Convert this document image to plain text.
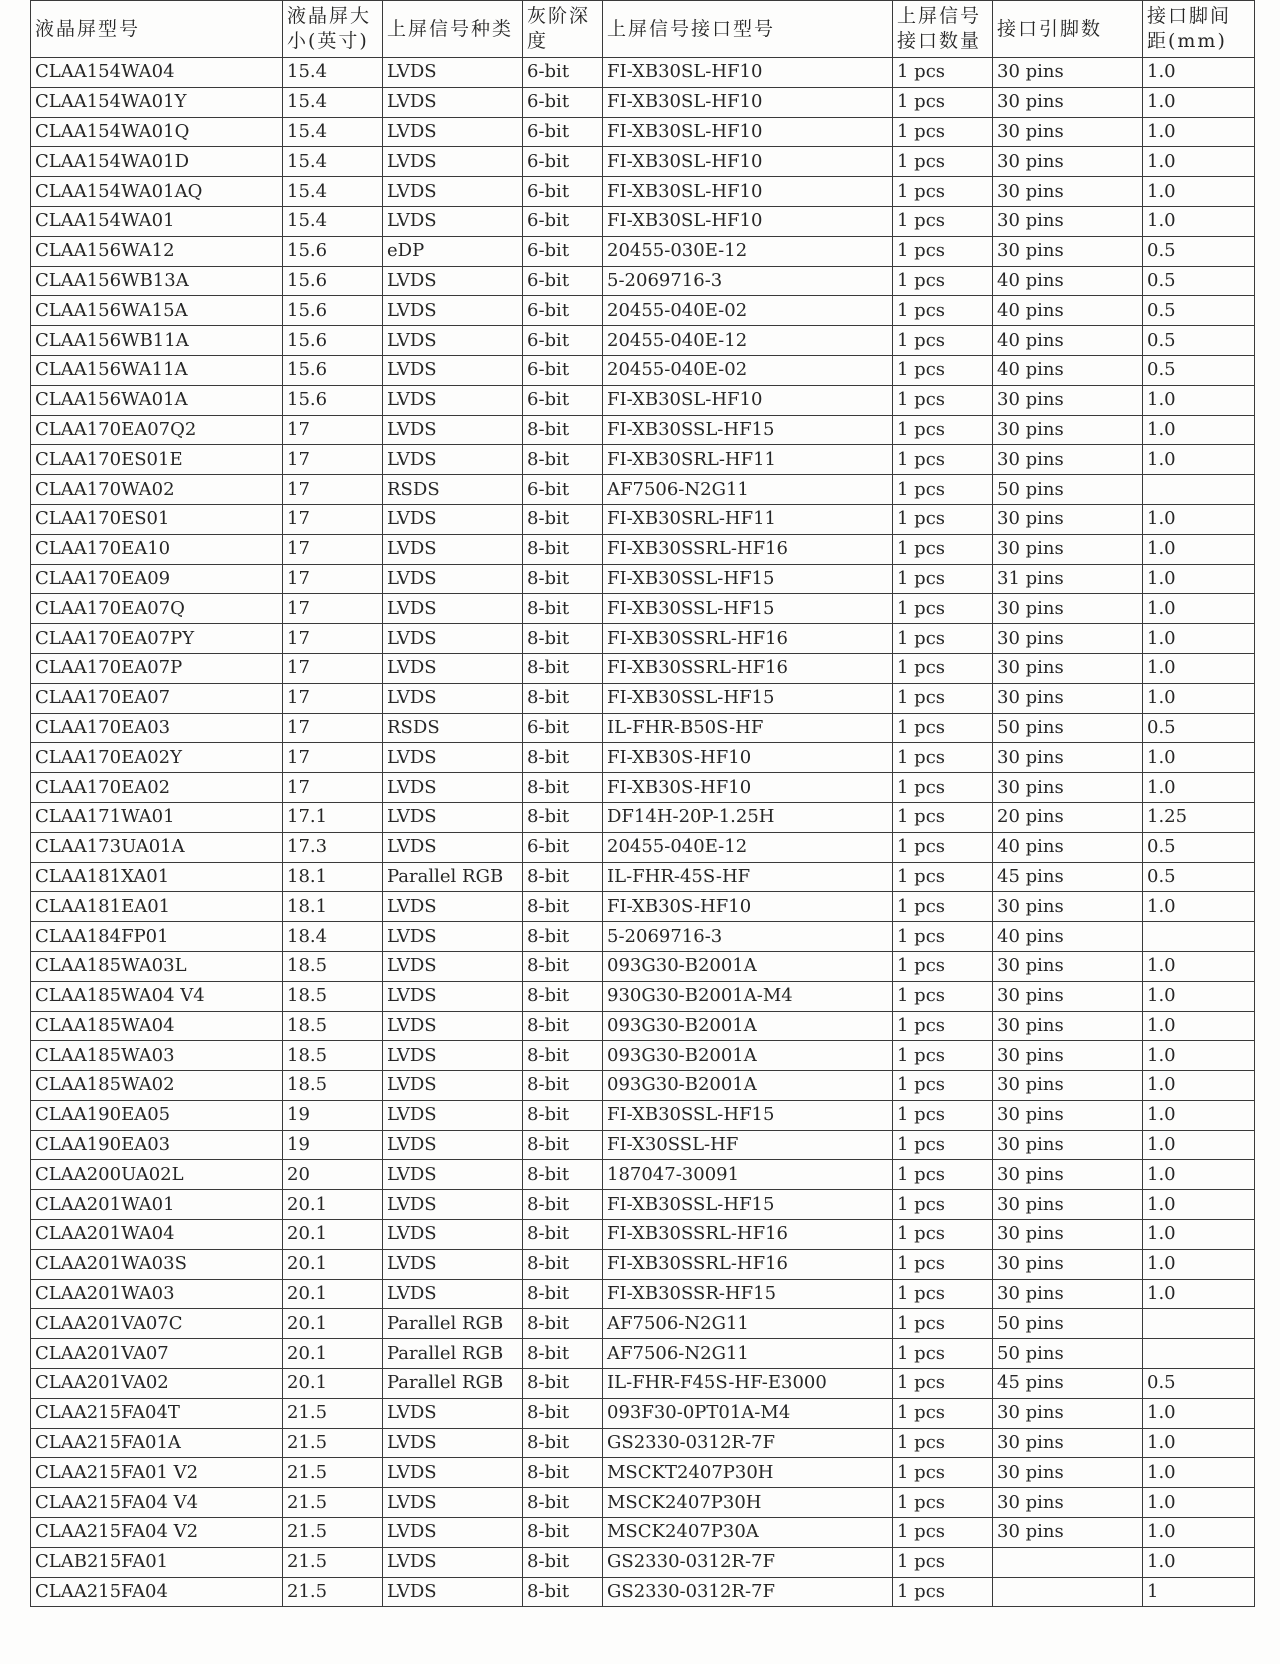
液晶屏型号	液晶屏大小(英寸)	上屏信号种类	灰阶深度	上屏信号接口型号	上屏信号接口数量	接口引脚数	接口脚间距(mm)
CLAA154WA04	15.4	LVDS	6-bit	FI-XB30SL-HF10	1 pcs	30 pins	1.0
CLAA154WA01Y	15.4	LVDS	6-bit	FI-XB30SL-HF10	1 pcs	30 pins	1.0
CLAA154WA01Q	15.4	LVDS	6-bit	FI-XB30SL-HF10	1 pcs	30 pins	1.0
CLAA154WA01D	15.4	LVDS	6-bit	FI-XB30SL-HF10	1 pcs	30 pins	1.0
CLAA154WA01AQ	15.4	LVDS	6-bit	FI-XB30SL-HF10	1 pcs	30 pins	1.0
CLAA154WA01	15.4	LVDS	6-bit	FI-XB30SL-HF10	1 pcs	30 pins	1.0
CLAA156WA12	15.6	eDP	6-bit	20455-030E-12	1 pcs	30 pins	0.5
CLAA156WB13A	15.6	LVDS	6-bit	5-2069716-3	1 pcs	40 pins	0.5
CLAA156WA15A	15.6	LVDS	6-bit	20455-040E-02	1 pcs	40 pins	0.5
CLAA156WB11A	15.6	LVDS	6-bit	20455-040E-12	1 pcs	40 pins	0.5
CLAA156WA11A	15.6	LVDS	6-bit	20455-040E-02	1 pcs	40 pins	0.5
CLAA156WA01A	15.6	LVDS	6-bit	FI-XB30SL-HF10	1 pcs	30 pins	1.0
CLAA170EA07Q2	17	LVDS	8-bit	FI-XB30SSL-HF15	1 pcs	30 pins	1.0
CLAA170ES01E	17	LVDS	8-bit	FI-XB30SRL-HF11	1 pcs	30 pins	1.0
CLAA170WA02	17	RSDS	6-bit	AF7506-N2G11	1 pcs	50 pins	
CLAA170ES01	17	LVDS	8-bit	FI-XB30SRL-HF11	1 pcs	30 pins	1.0
CLAA170EA10	17	LVDS	8-bit	FI-XB30SSRL-HF16	1 pcs	30 pins	1.0
CLAA170EA09	17	LVDS	8-bit	FI-XB30SSL-HF15	1 pcs	31 pins	1.0
CLAA170EA07Q	17	LVDS	8-bit	FI-XB30SSL-HF15	1 pcs	30 pins	1.0
CLAA170EA07PY	17	LVDS	8-bit	FI-XB30SSRL-HF16	1 pcs	30 pins	1.0
CLAA170EA07P	17	LVDS	8-bit	FI-XB30SSRL-HF16	1 pcs	30 pins	1.0
CLAA170EA07	17	LVDS	8-bit	FI-XB30SSL-HF15	1 pcs	30 pins	1.0
CLAA170EA03	17	RSDS	6-bit	IL-FHR-B50S-HF	1 pcs	50 pins	0.5
CLAA170EA02Y	17	LVDS	8-bit	FI-XB30S-HF10	1 pcs	30 pins	1.0
CLAA170EA02	17	LVDS	8-bit	FI-XB30S-HF10	1 pcs	30 pins	1.0
CLAA171WA01	17.1	LVDS	8-bit	DF14H-20P-1.25H	1 pcs	20 pins	1.25
CLAA173UA01A	17.3	LVDS	6-bit	20455-040E-12	1 pcs	40 pins	0.5
CLAA181XA01	18.1	Parallel RGB	8-bit	IL-FHR-45S-HF	1 pcs	45 pins	0.5
CLAA181EA01	18.1	LVDS	8-bit	FI-XB30S-HF10	1 pcs	30 pins	1.0
CLAA184FP01	18.4	LVDS	8-bit	5-2069716-3	1 pcs	40 pins	
CLAA185WA03L	18.5	LVDS	8-bit	093G30-B2001A	1 pcs	30 pins	1.0
CLAA185WA04 V4	18.5	LVDS	8-bit	930G30-B2001A-M4	1 pcs	30 pins	1.0
CLAA185WA04	18.5	LVDS	8-bit	093G30-B2001A	1 pcs	30 pins	1.0
CLAA185WA03	18.5	LVDS	8-bit	093G30-B2001A	1 pcs	30 pins	1.0
CLAA185WA02	18.5	LVDS	8-bit	093G30-B2001A	1 pcs	30 pins	1.0
CLAA190EA05	19	LVDS	8-bit	FI-XB30SSL-HF15	1 pcs	30 pins	1.0
CLAA190EA03	19	LVDS	8-bit	FI-X30SSL-HF	1 pcs	30 pins	1.0
CLAA200UA02L	20	LVDS	8-bit	187047-30091	1 pcs	30 pins	1.0
CLAA201WA01	20.1	LVDS	8-bit	FI-XB30SSL-HF15	1 pcs	30 pins	1.0
CLAA201WA04	20.1	LVDS	8-bit	FI-XB30SSRL-HF16	1 pcs	30 pins	1.0
CLAA201WA03S	20.1	LVDS	8-bit	FI-XB30SSRL-HF16	1 pcs	30 pins	1.0
CLAA201WA03	20.1	LVDS	8-bit	FI-XB30SSR-HF15	1 pcs	30 pins	1.0
CLAA201VA07C	20.1	Parallel RGB	8-bit	AF7506-N2G11	1 pcs	50 pins	
CLAA201VA07	20.1	Parallel RGB	8-bit	AF7506-N2G11	1 pcs	50 pins	
CLAA201VA02	20.1	Parallel RGB	8-bit	IL-FHR-F45S-HF-E3000	1 pcs	45 pins	0.5
CLAA215FA04T	21.5	LVDS	8-bit	093F30-0PT01A-M4	1 pcs	30 pins	1.0
CLAA215FA01A	21.5	LVDS	8-bit	GS2330-0312R-7F	1 pcs	30 pins	1.0
CLAA215FA01 V2	21.5	LVDS	8-bit	MSCKT2407P30H	1 pcs	30 pins	1.0
CLAA215FA04 V4	21.5	LVDS	8-bit	MSCK2407P30H	1 pcs	30 pins	1.0
CLAA215FA04 V2	21.5	LVDS	8-bit	MSCK2407P30A	1 pcs	30 pins	1.0
CLAB215FA01	21.5	LVDS	8-bit	GS2330-0312R-7F	1 pcs		1.0
CLAA215FA04	21.5	LVDS	8-bit	GS2330-0312R-7F	1 pcs		1
